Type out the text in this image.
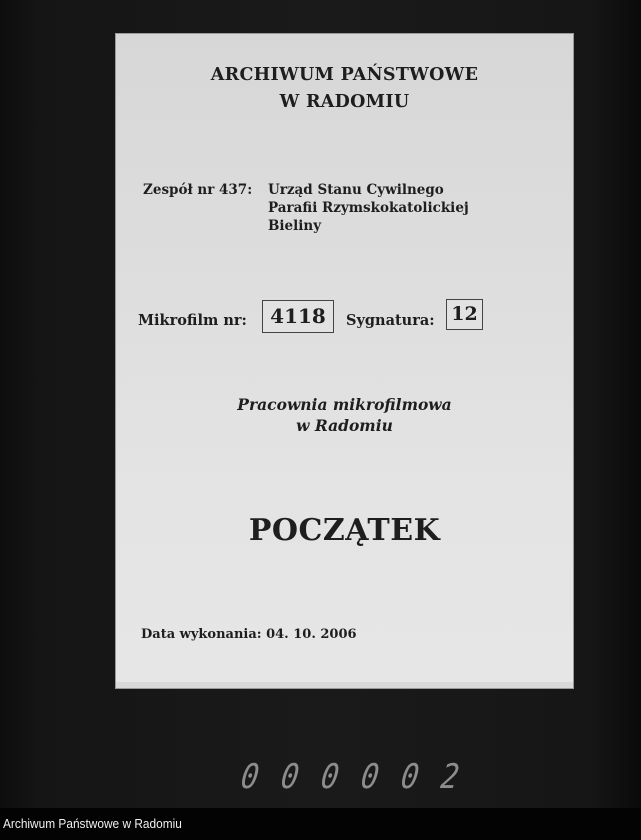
ARCHIWUM PAŃSTWOWE
W RADOMIU
Zespół nr 437: Urząd Stanu Cywilnego
Parafii Rzymskokatolickiej
Bieliny
Mikrofilm nr:	4118	Sygnatura: 12
Pracownia mikrofilmowa
w Radomiu
POCZĄTEK
Data wykonania: 04. 10. 2006
0 0 0 0 0 2
Archiwum Państwowe w Radomiu
